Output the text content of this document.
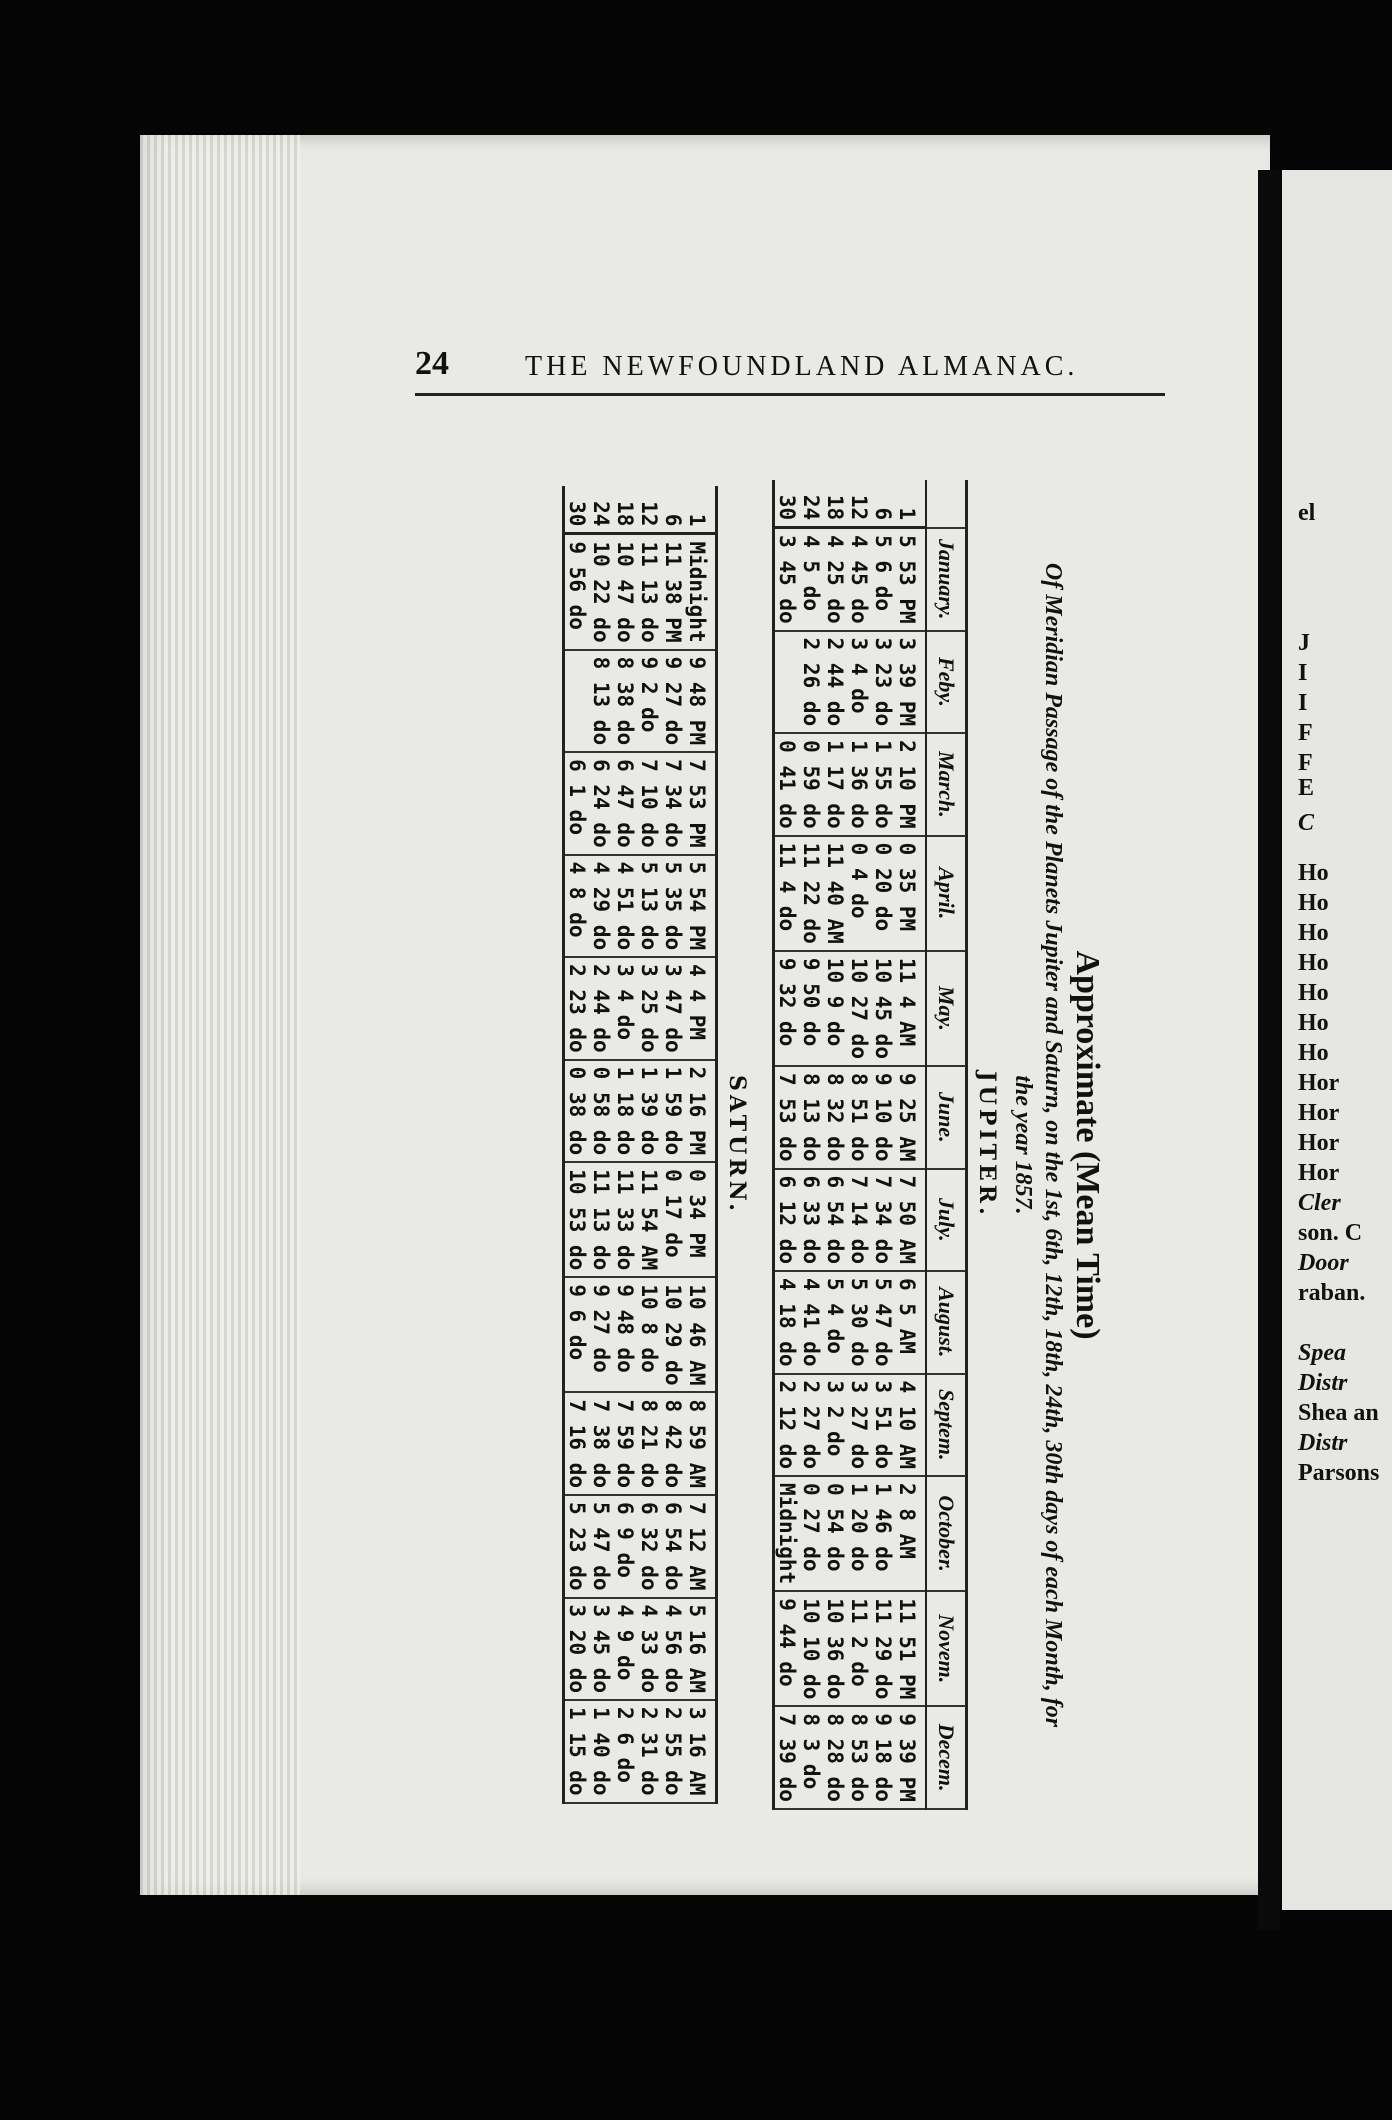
el
J
I
I
F
F
E
C
Ho
Ho
Ho
Ho
Ho
Ho
Ho
Hor
Hor
Hor
Hor
Cler
son. C
Door
raban.
Spea
Distr
Shea an
Distr
Parsons
24	THE NEWFOUNDLAND ALMANAC.
Approximate (Mean Time)
Of Meridian Passage of the Planets Jupiter and Saturn, on the 1st, 6th, 12th, 18th, 24th, 30th days of each Month, for the year 1857.
JUPITER.
	January.	Feby.	March.	April.	May.	June.	July.	August.	Septem.	October.	Novem.	Decem.
1	5 53 PM	3 39 PM	2 10 PM	0 35 PM	11 4 AM	9 25 AM	7 50 AM	6 5 AM	4 10 AM	2 8 AM	11 51 PM	9 39 PM
6	5 6 do	3 23 do	1 55 do	0 20 do	10 45 do	9 10 do	7 34 do	5 47 do	3 51 do	1 46 do	11 29 do	9 18 do
12	4 45 do	3 4 do	1 36 do	0 4 do	10 27 do	8 51 do	7 14 do	5 30 do	3 27 do	1 20 do	11 2 do	8 53 do
18	4 25 do	2 44 do	1 17 do	11 40 AM	10 9 do	8 32 do	6 54 do	5 4 do	3 2 do	0 54 do	10 36 do	8 28 do
24	4 5 do	2 26 do	0 59 do	11 22 do	9 50 do	8 13 do	6 33 do	4 41 do	2 27 do	0 27 do	10 10 do	8 3 do
30	3 45 do		0 41 do	11 4 do	9 32 do	7 53 do	6 12 do	4 18 do	2 12 do	Midnight	9 44 do	7 39 do
SATURN.
1	Midnight	9 48 PM	7 53 PM	5 54 PM	4 4 PM	2 16 PM	0 34 PM	10 46 AM	8 59 AM	7 12 AM	5 16 AM	3 16 AM
6	11 38 PM	9 27 do	7 34 do	5 35 do	3 47 do	1 59 do	0 17 do	10 29 do	8 42 do	6 54 do	4 56 do	2 55 do
12	11 13 do	9 2 do	7 10 do	5 13 do	3 25 do	1 39 do	11 54 AM	10 8 do	8 21 do	6 32 do	4 33 do	2 31 do
18	10 47 do	8 38 do	6 47 do	4 51 do	3 4 do	1 18 do	11 33 do	9 48 do	7 59 do	6 9 do	4 9 do	2 6 do
24	10 22 do	8 13 do	6 24 do	4 29 do	2 44 do	0 58 do	11 13 do	9 27 do	7 38 do	5 47 do	3 45 do	1 40 do
30	9 56 do		6 1 do	4 8 do	2 23 do	0 38 do	10 53 do	9 6 do	7 16 do	5 23 do	3 20 do	1 15 do
